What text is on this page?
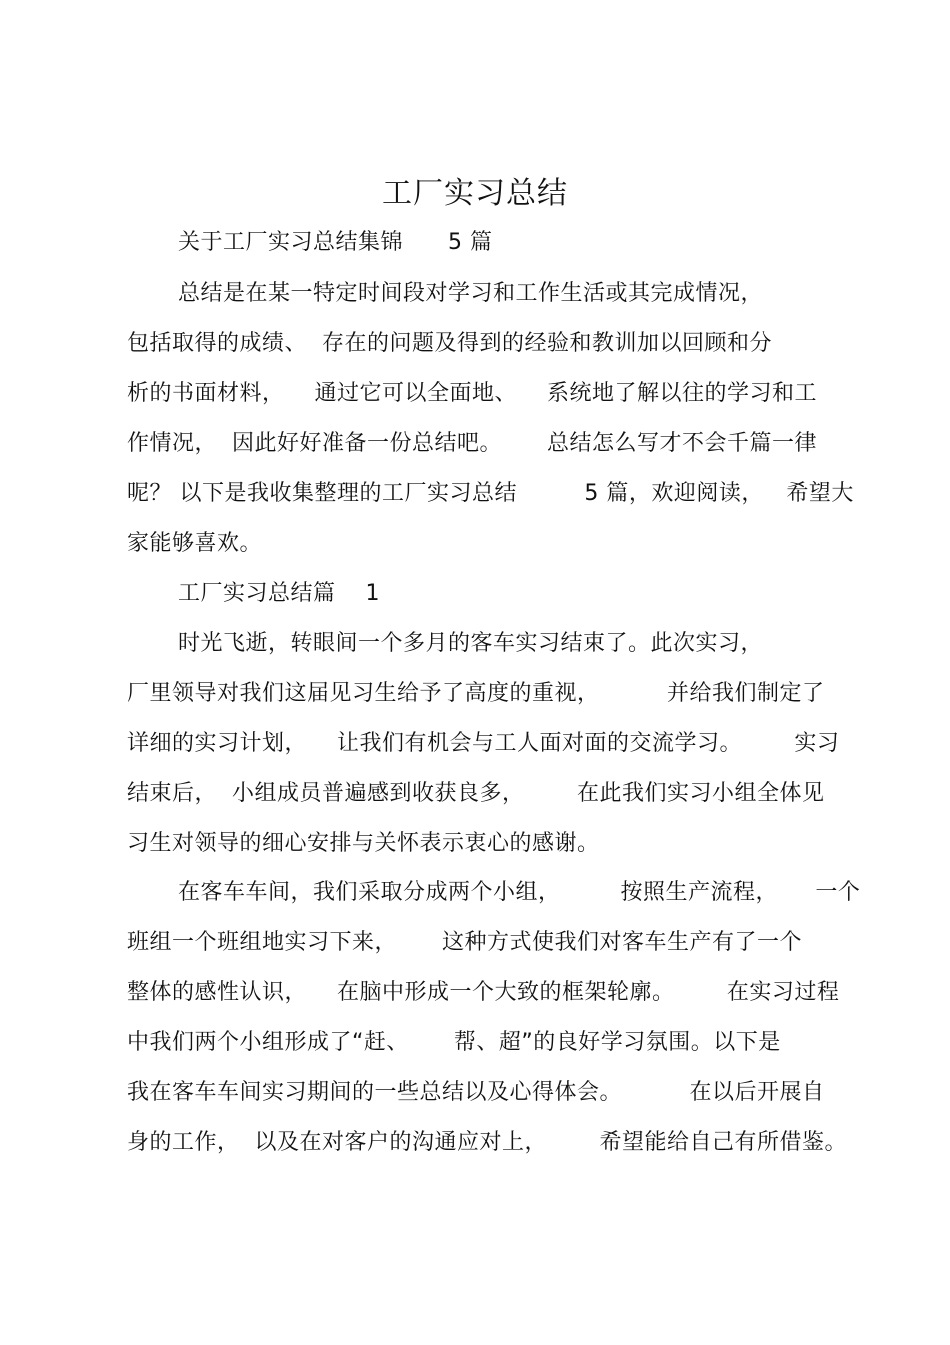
工厂实习总结
关于工厂实习总结集锦      5 篇
总结是在某一特定时间段对学习和工作生活或其完成情况，
包括取得的成绩、  存在的问题及得到的经验和教训加以回顾和分
析的书面材料，    通过它可以全面地、    系统地了解以往的学习和工
作情况，  因此好好准备一份总结吧。      总结怎么写才不会千篇一律
呢？ 以下是我收集整理的工厂实习总结         5 篇，欢迎阅读，   希望大
家能够喜欢。
工厂实习总结篇    1
时光飞逝，转眼间一个多月的客车实习结束了。此次实习，
厂里领导对我们这届见习生给予了高度的重视，         并给我们制定了
详细的实习计划，    让我们有机会与工人面对面的交流学习。       实习
结束后，  小组成员普遍感到收获良多，       在此我们实习小组全体见
习生对领导的细心安排与关怀表示衷心的感谢。
在客车车间，我们采取分成两个小组，        按照生产流程，     一个
班组一个班组地实习下来，      这种方式使我们对客车生产有了一个
整体的感性认识，    在脑中形成一个大致的框架轮廓。       在实习过程
中我们两个小组形成了“赶、      帮、超”的良好学习氛围。以下是
我在客车车间实习期间的一些总结以及心得体会。         在以后开展自
身的工作，  以及在对客户的沟通应对上，       希望能给自己有所借鉴。
